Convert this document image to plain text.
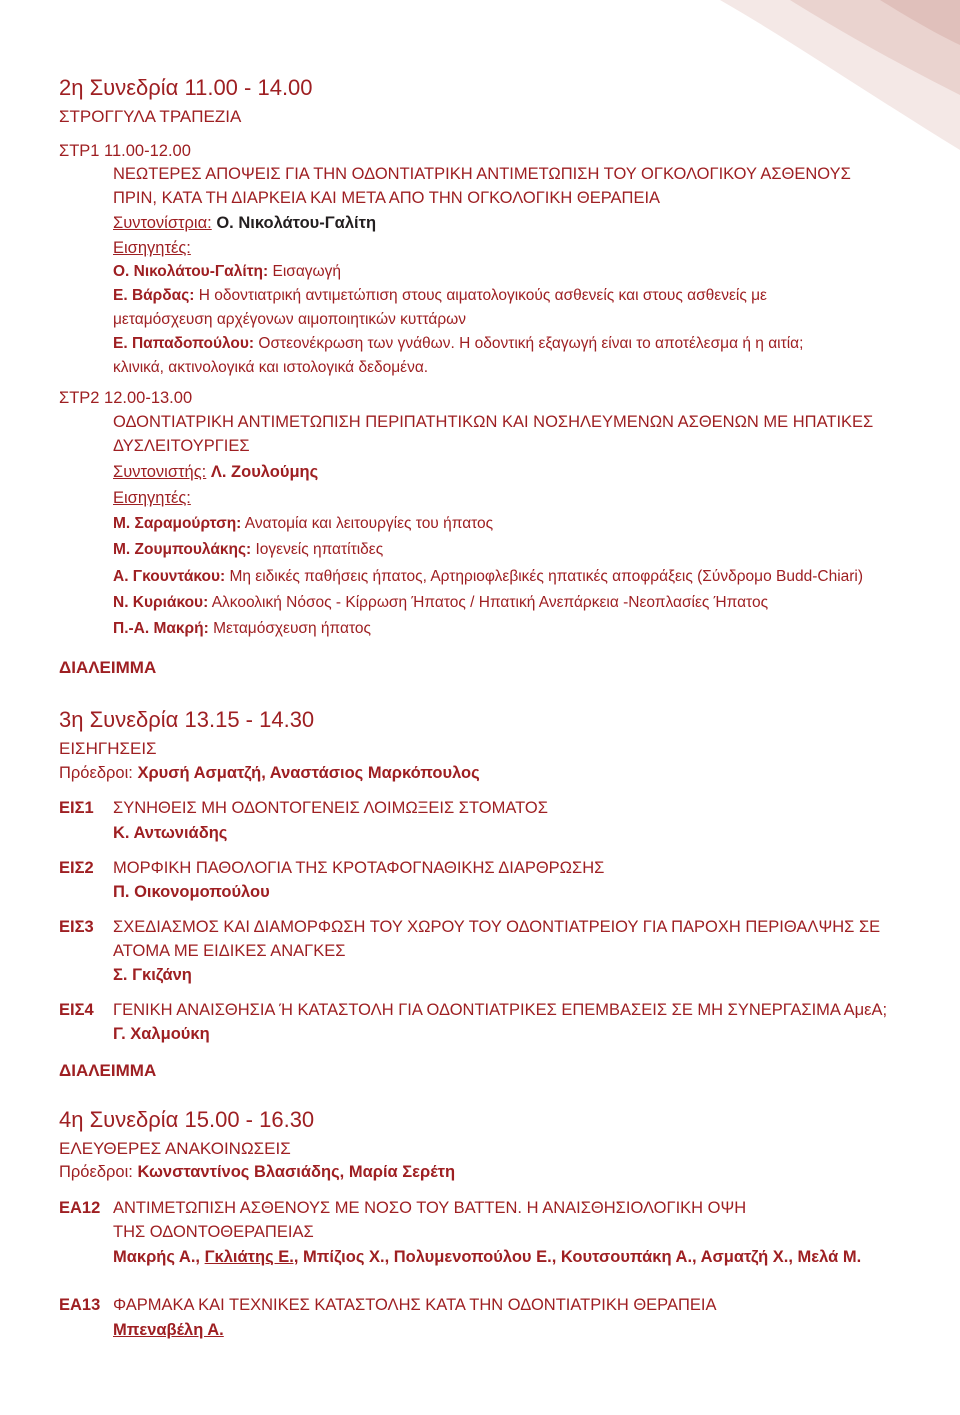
2η Συνεδρία 11.00 - 14.00
ΣΤΡΟΓΓΥΛΑ ΤΡΑΠΕΖΙΑ
ΣΤΡ1 11.00-12.00
ΝΕΩΤΕΡΕΣ ΑΠΟΨΕΙΣ ΓΙΑ ΤΗΝ ΟΔΟΝΤΙΑΤΡΙΚΗ ΑΝΤΙΜΕΤΩΠΙΣΗ ΤΟΥ ΟΓΚΟΛΟΓΙΚΟΥ ΑΣΘΕΝΟΥΣ
ΠΡΙΝ, ΚΑΤΑ ΤΗ ΔΙΑΡΚΕΙΑ ΚΑΙ ΜΕΤΑ ΑΠΟ ΤΗΝ ΟΓΚΟΛΟΓΙΚΗ ΘΕΡΑΠΕΙΑ
Συντονίστρια: Ο. Νικολάτου-Γαλίτη
Εισηγητές:
Ο. Νικολάτου-Γαλίτη: Εισαγωγή
Ε. Βάρδας: Η οδοντιατρική αντιμετώπιση στους αιματολογικούς ασθενείς και στους ασθενείς με
μεταμόσχευση αρχέγονων αιμοποιητικών κυττάρων
Ε. Παπαδοπούλου: Οστεονέκρωση των γνάθων. Η οδοντική εξαγωγή είναι το αποτέλεσμα ή η αιτία;
κλινικά, ακτινολογικά και ιστολογικά δεδομένα.
ΣΤΡ2 12.00-13.00
ΟΔΟΝΤΙΑΤΡΙΚΗ ΑΝΤΙΜΕΤΩΠΙΣΗ ΠΕΡΙΠΑΤΗΤΙΚΩΝ ΚΑΙ ΝΟΣΗΛΕΥΜΕΝΩΝ ΑΣΘΕΝΩΝ ΜΕ ΗΠΑΤΙΚΕΣ
ΔΥΣΛΕΙΤΟΥΡΓΙΕΣ
Συντονιστής: Λ. Ζουλούμης
Εισηγητές:
Μ. Σαραμούρτση: Ανατομία και λειτουργίες του ήπατος
Μ. Ζουμπουλάκης: Ιογενείς ηπατίτιδες
Α. Γκουντάκου: Μη ειδικές παθήσεις ήπατος, Αρτηριοφλεβικές ηπατικές αποφράξεις (Σύνδρομο Budd-Chiari)
Ν. Κυριάκου: Αλκοολική Νόσος - Κίρρωση Ήπατος / Ηπατική Ανεπάρκεια -Νεοπλασίες Ήπατος
Π.-Α. Μακρή: Μεταμόσχευση ήπατος
ΔΙΑΛΕΙΜΜΑ
3η Συνεδρία 13.15 - 14.30
ΕΙΣΗΓΗΣΕΙΣ
Πρόεδροι: Χρυσή Ασματζή, Αναστάσιος Μαρκόπουλος
ΕΙΣ1 ΣΥΝΗΘΕΙΣ ΜΗ ΟΔΟΝΤΟΓΕΝΕΙΣ ΛΟΙΜΩΞΕΙΣ ΣΤΟΜΑΤΟΣ
Κ. Αντωνιάδης
ΕΙΣ2 ΜΟΡΦΙΚΗ ΠΑΘΟΛΟΓΙΑ ΤΗΣ ΚΡΟΤΑΦΟΓΝΑΘΙΚΗΣ ΔΙΑΡΘΡΩΣΗΣ
Π. Οικονομοπούλου
ΕΙΣ3 ΣΧΕΔΙΑΣΜΟΣ ΚΑΙ ΔΙΑΜΟΡΦΩΣΗ ΤΟΥ ΧΩΡΟΥ ΤΟΥ ΟΔΟΝΤΙΑΤΡΕΙΟΥ ΓΙΑ ΠΑΡΟΧΗ ΠΕΡΙΘΑΛΨΗΣ ΣΕ
ΑΤΟΜΑ ΜΕ ΕΙΔΙΚΕΣ ΑΝΑΓΚΕΣ
Σ. Γκιζάνη
ΕΙΣ4 ΓΕΝΙΚΗ ΑΝΑΙΣΘΗΣΙΑ Ή ΚΑΤΑΣΤΟΛΗ ΓΙΑ ΟΔΟΝΤΙΑΤΡΙΚΕΣ ΕΠΕΜΒΑΣΕΙΣ ΣΕ ΜΗ ΣΥΝΕΡΓΑΣΙΜΑ ΑμεΑ;
Γ. Χαλμούκη
ΔΙΑΛΕΙΜΜΑ
4η Συνεδρία 15.00 - 16.30
ΕΛΕΥΘΕΡΕΣ ΑΝΑΚΟΙΝΩΣΕΙΣ
Πρόεδροι: Κωνσταντίνος Βλασιάδης, Μαρία Σερέτη
ΕΑ12 ΑΝΤΙΜΕΤΩΠΙΣΗ ΑΣΘΕΝΟΥΣ ΜΕ ΝΟΣΟ ΤΟΥ BATTEN. Η ΑΝΑΙΣΘΗΣΙΟΛΟΓΙΚΗ ΟΨΗ
ΤΗΣ ΟΔΟΝΤΟΘΕΡΑΠΕΙΑΣ
Μακρής Α., Γκλιάτης Ε., Μπίζιος Χ., Πολυμενοπούλου Ε., Κουτσουπάκη Α., Ασματζή Χ., Μελά Μ.
ΕΑ13 ΦΑΡΜΑΚΑ ΚΑΙ ΤΕΧΝΙΚΕΣ ΚΑΤΑΣΤΟΛΗΣ ΚΑΤΑ ΤΗΝ ΟΔΟΝΤΙΑΤΡΙΚΗ ΘΕΡΑΠΕΙΑ
Μπεναβέλη Α.
